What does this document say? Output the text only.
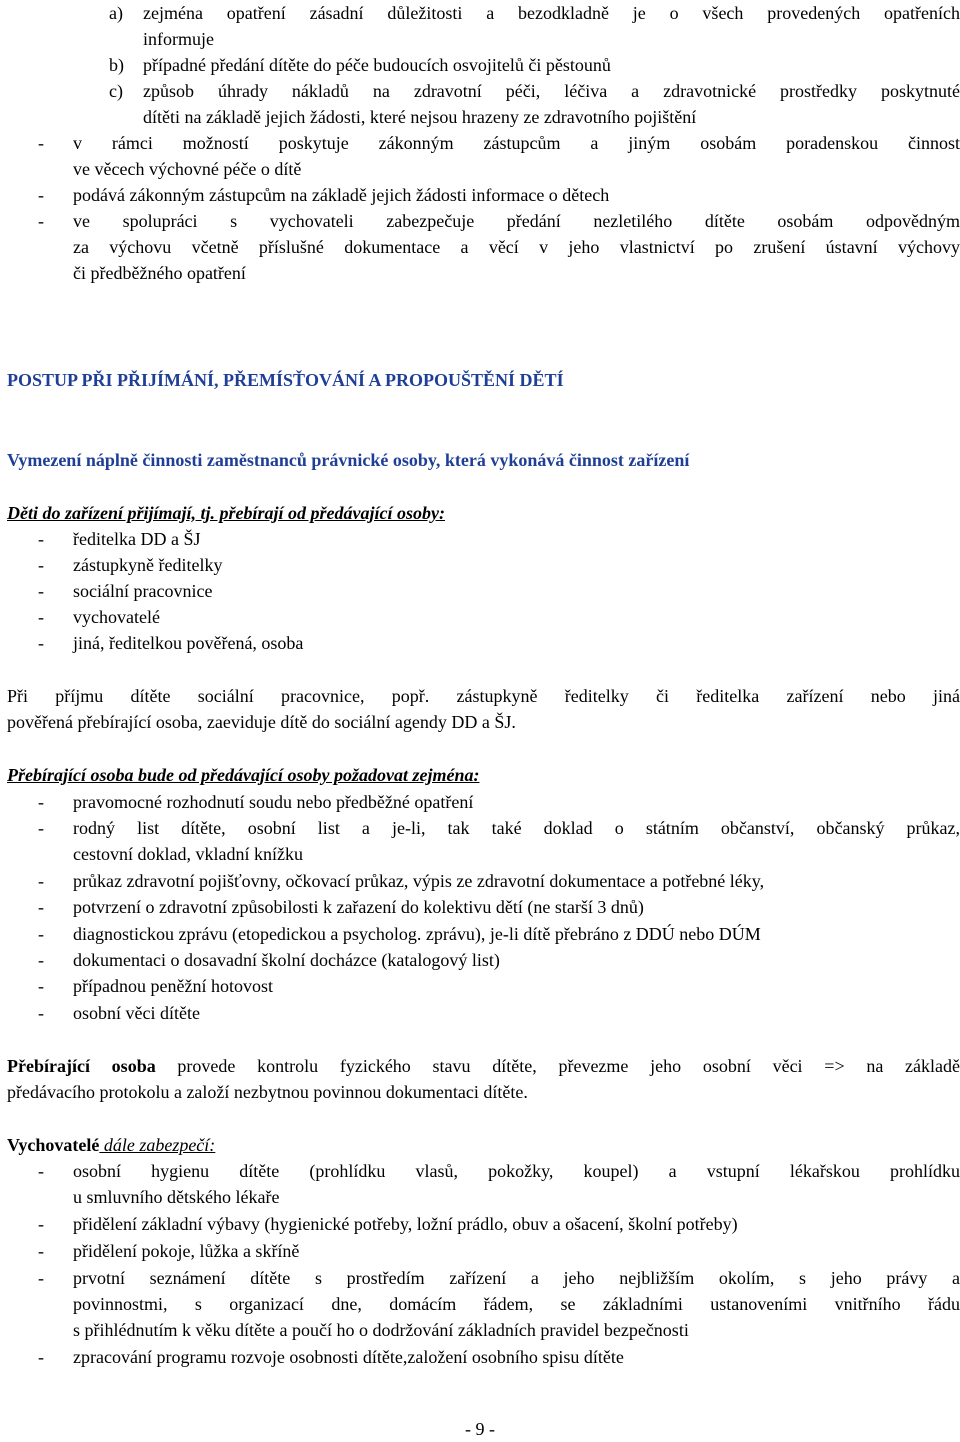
a) zejména opatření zásadní důležitosti a bezodkladně je o všech provedených opatřeních
informuje
b) případné předání dítěte do péče budoucích osvojitelů či pěstounů
c) způsob úhrady nákladů na zdravotní péči, léčiva a zdravotnické prostředky poskytnuté
dítěti na základě jejich žádosti, které nejsou hrazeny ze zdravotního pojištění
- v rámci možností poskytuje zákonným zástupcům a jiným osobám poradenskou činnost
ve věcech výchovné péče o dítě
- podává zákonným zástupcům na základě jejich žádosti informace o dětech
- ve spolupráci s vychovateli zabezpečuje předání nezletilého dítěte osobám odpovědným
za výchovu včetně příslušné dokumentace a věcí v jeho vlastnictví po zrušení ústavní výchovy
či předběžného opatření
POSTUP PŘI PŘIJÍMÁNÍ, PŘEMÍSŤOVÁNÍ A PROPOUŠTĚNÍ DĚTÍ
Vymezení náplně činnosti zaměstnanců právnické osoby, která vykonává činnost zařízení
Děti do zařízení přijímají, tj. přebírají od předávající osoby:
- ředitelka DD a ŠJ
- zástupkyně ředitelky
- sociální pracovnice
- vychovatelé
- jiná, ředitelkou pověřená, osoba
Při příjmu dítěte sociální pracovnice, popř. zástupkyně ředitelky či ředitelka zařízení nebo jiná
pověřená přebírající osoba, zaeviduje dítě do sociální agendy DD a ŠJ.
Přebírající osoba bude od předávající osoby požadovat zejména:
- pravomocné rozhodnutí soudu nebo předběžné opatření
- rodný list dítěte, osobní list a je-li, tak také doklad o státním občanství, občanský průkaz,
cestovní doklad, vkladní knížku
- průkaz zdravotní pojišťovny, očkovací průkaz, výpis ze zdravotní dokumentace a potřebné léky,
- potvrzení o zdravotní způsobilosti k zařazení do kolektivu dětí (ne starší 3 dnů)
- diagnostickou zprávu (etopedickou a psycholog. zprávu), je-li dítě přebráno z DDÚ nebo DÚM
- dokumentaci o dosavadní školní docházce (katalogový list)
- případnou peněžní hotovost
- osobní věci dítěte
Přebírající osoba provede kontrolu fyzického stavu dítěte, převezme jeho osobní věci => na základě
předávacího protokolu a založí nezbytnou povinnou dokumentaci dítěte.
Vychovatelé dále zabezpečí:
- osobní hygienu dítěte (prohlídku vlasů, pokožky, koupel) a vstupní lékařskou prohlídku
u smluvního dětského lékaře
- přidělení základní výbavy (hygienické potřeby, ložní prádlo, obuv a ošacení, školní potřeby)
- přidělení pokoje, lůžka a skříně
- prvotní seznámení dítěte s prostředím zařízení a jeho nejbližším okolím, s jeho právy a
povinnostmi, s organizací dne, domácím řádem, se základními ustanoveními vnitřního řádu
s přihlédnutím k věku dítěte a poučí ho o dodržování základních pravidel bezpečnosti
- zpracování programu rozvoje osobnosti dítěte,založení osobního spisu dítěte
- 9 -
